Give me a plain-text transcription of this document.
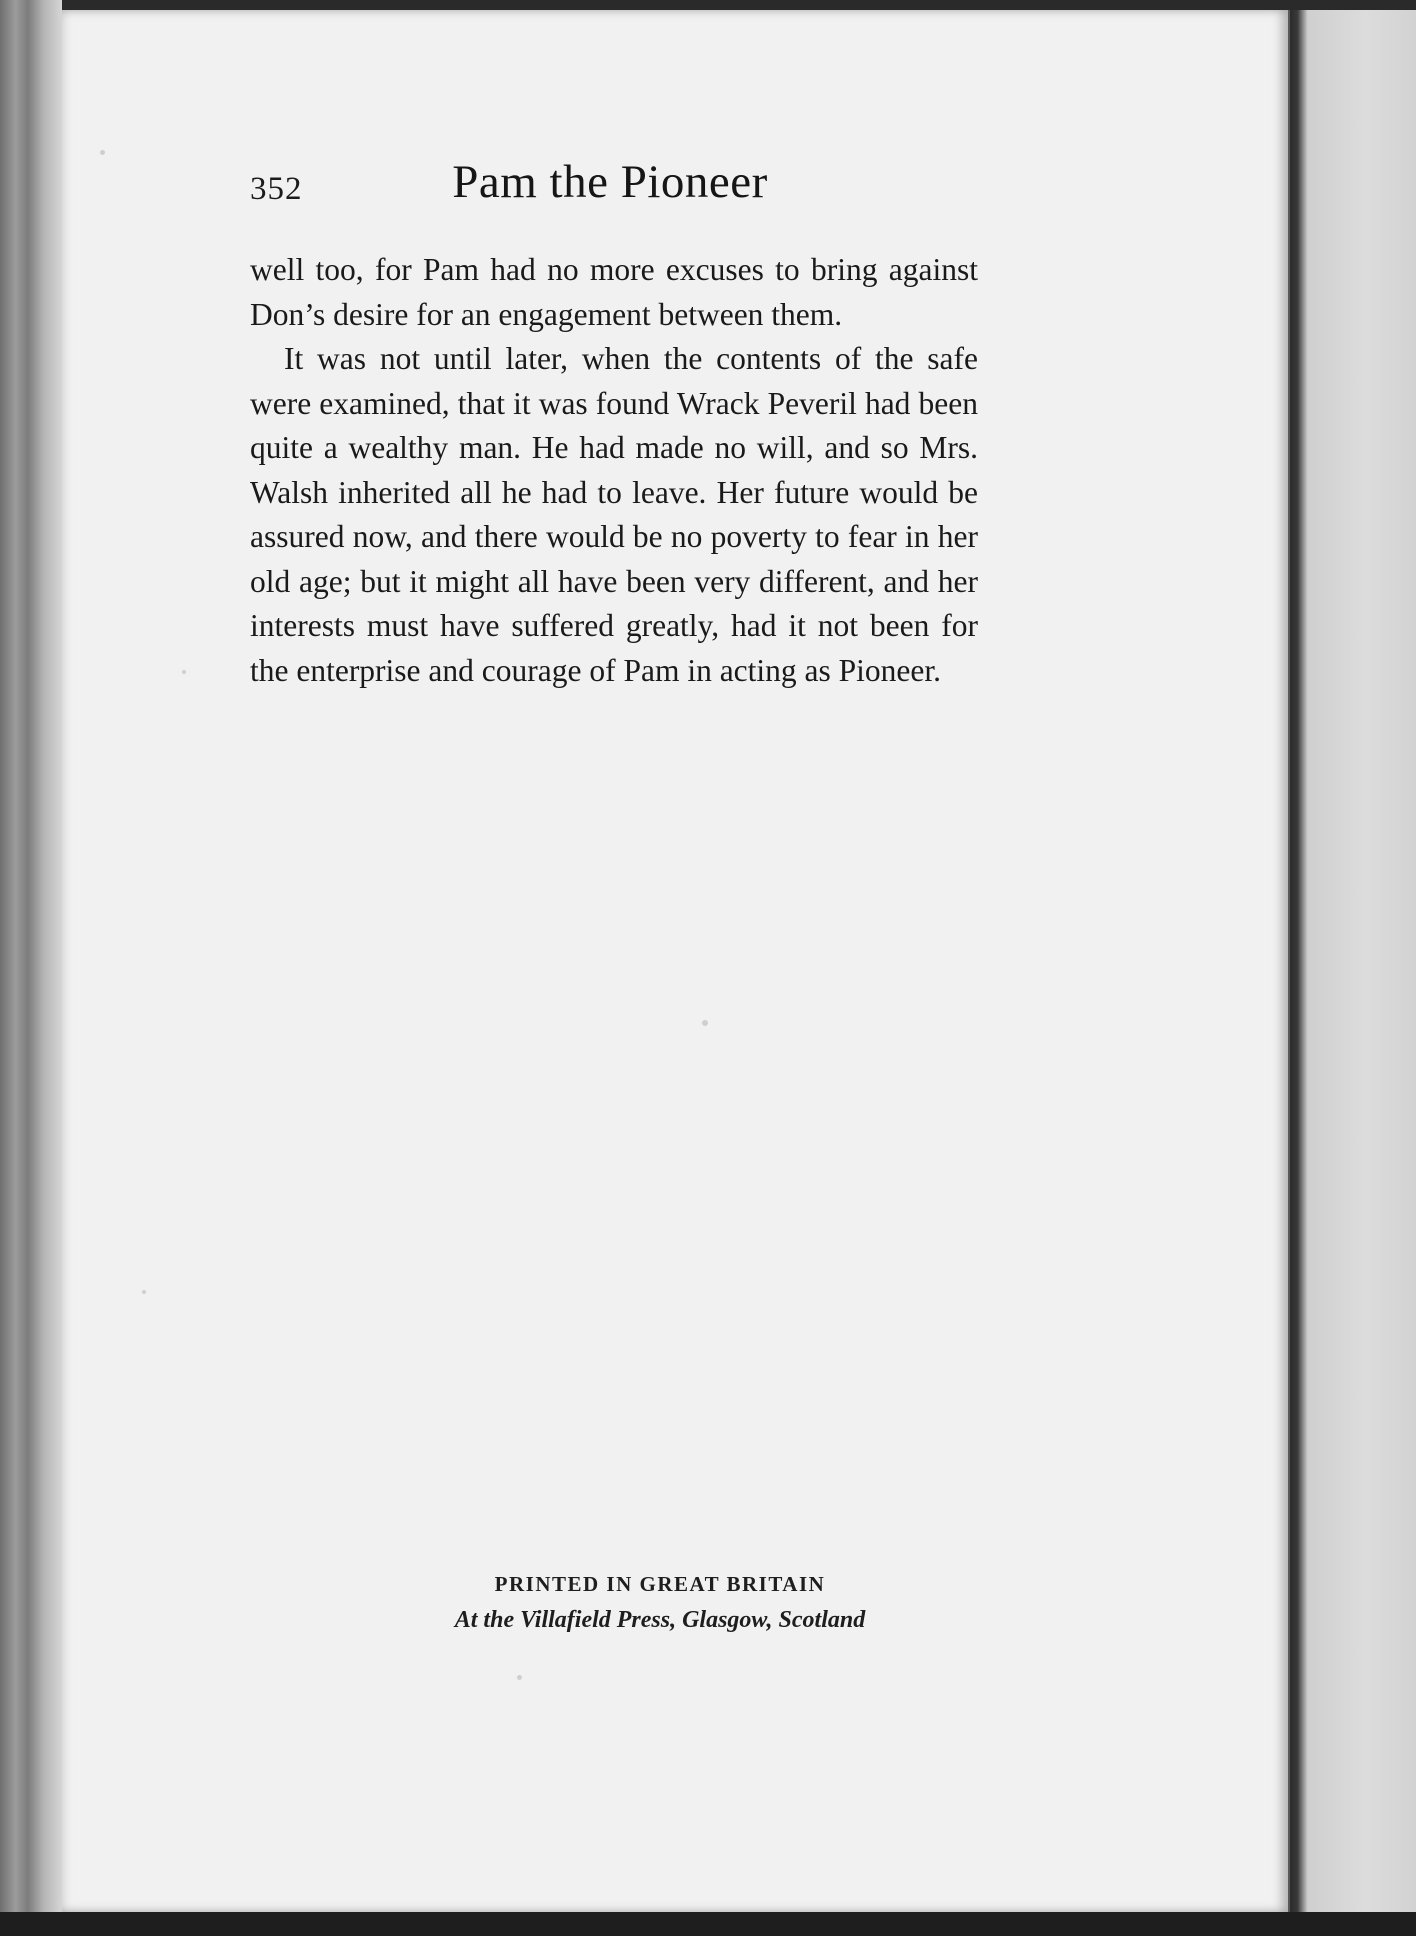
352	Pam the Pioneer

well too, for Pam had no more excuses to bring against Don’s desire for an engagement between them.

It was not until later, when the contents of the safe were examined, that it was found Wrack Peveril had been quite a wealthy man. He had made no will, and so Mrs. Walsh inherited all he had to leave. Her future would be assured now, and there would be no poverty to fear in her old age; but it might all have been very different, and her interests must have suffered greatly, had it not been for the enterprise and courage of Pam in acting as Pioneer.

PRINTED IN GREAT BRITAIN
At the Villafield Press, Glasgow, Scotland
